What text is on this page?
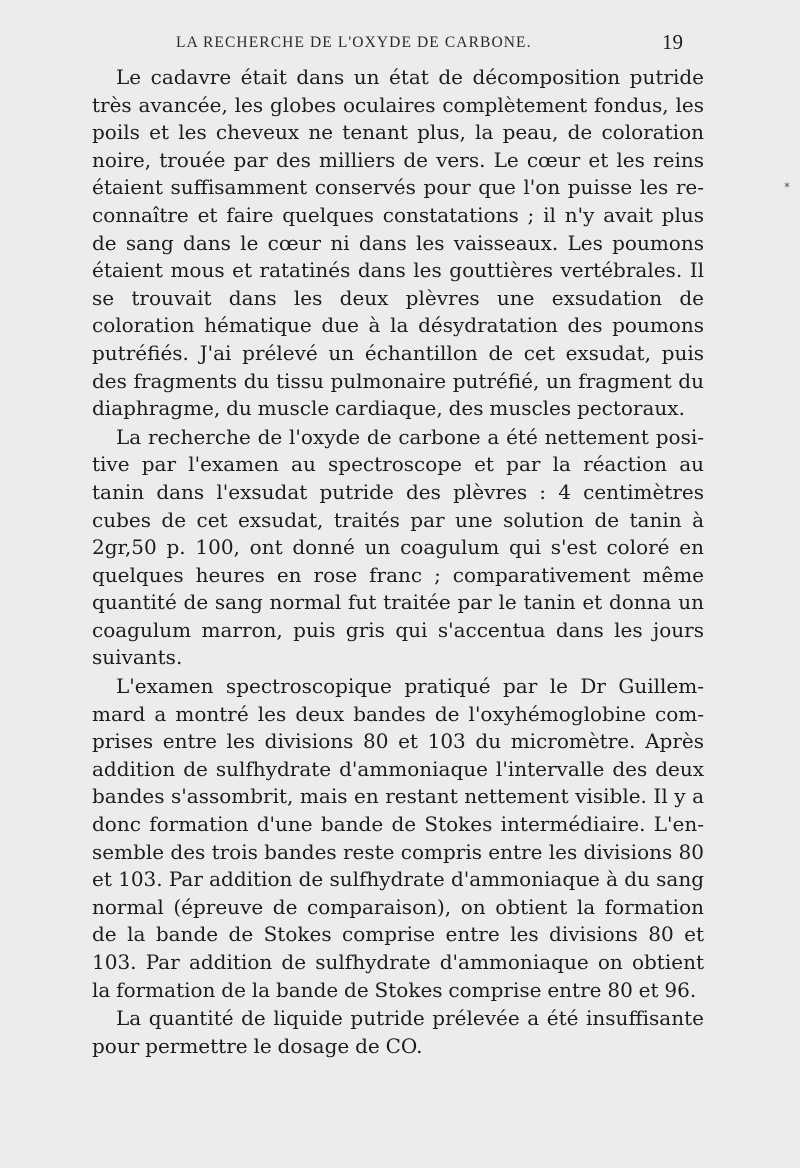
LA RECHERCHE DE L'OXYDE DE CARBONE.	19
*

Le cadavre était dans un état de décomposition putride très avancée, les globes oculaires complètement fondus, les poils et les cheveux ne tenant plus, la peau, de coloration noire, trouée par des milliers de vers. Le cœur et les reins étaient suffisamment conservés pour que l'on puisse les reconnaître et faire quelques constatations ; il n'y avait plus de sang dans le cœur ni dans les vaisseaux. Les poumons étaient mous et ratatinés dans les gouttières vertébrales. Il se trouvait dans les deux plèvres une exsudation de coloration hématique due à la désydratation des poumons putréfiés. J'ai prélevé un échantillon de cet exsudat, puis des fragments du tissu pulmonaire putréfié, un fragment du diaphragme, du muscle cardiaque, des muscles pectoraux.

La recherche de l'oxyde de carbone a été nettement positive par l'examen au spectroscope et par la réaction au tanin dans l'exsudat putride des plèvres : 4 centimètres cubes de cet exsudat, traités par une solution de tanin à 2gr,50 p. 100, ont donné un coagulum qui s'est coloré en quelques heures en rose franc ; comparativement même quantité de sang normal fut traitée par le tanin et donna un coagulum marron, puis gris qui s'accentua dans les jours suivants.

L'examen spectroscopique pratiqué par le Dr Guillemmard a montré les deux bandes de l'oxyhémoglobine comprises entre les divisions 80 et 103 du micromètre. Après addition de sulfhydrate d'ammoniaque l'intervalle des deux bandes s'assombrit, mais en restant nettement visible. Il y a donc formation d'une bande de Stokes intermédiaire. L'ensemble des trois bandes reste compris entre les divisions 80 et 103. Par addition de sulfhydrate d'ammoniaque à du sang normal (épreuve de comparaison), on obtient la formation de la bande de Stokes comprise entre les divisions 80 et 103. Par addition de sulfhydrate d'ammoniaque on obtient la formation de la bande de Stokes comprise entre 80 et 96.

La quantité de liquide putride prélevée a été insuffisante pour permettre le dosage de CO.
